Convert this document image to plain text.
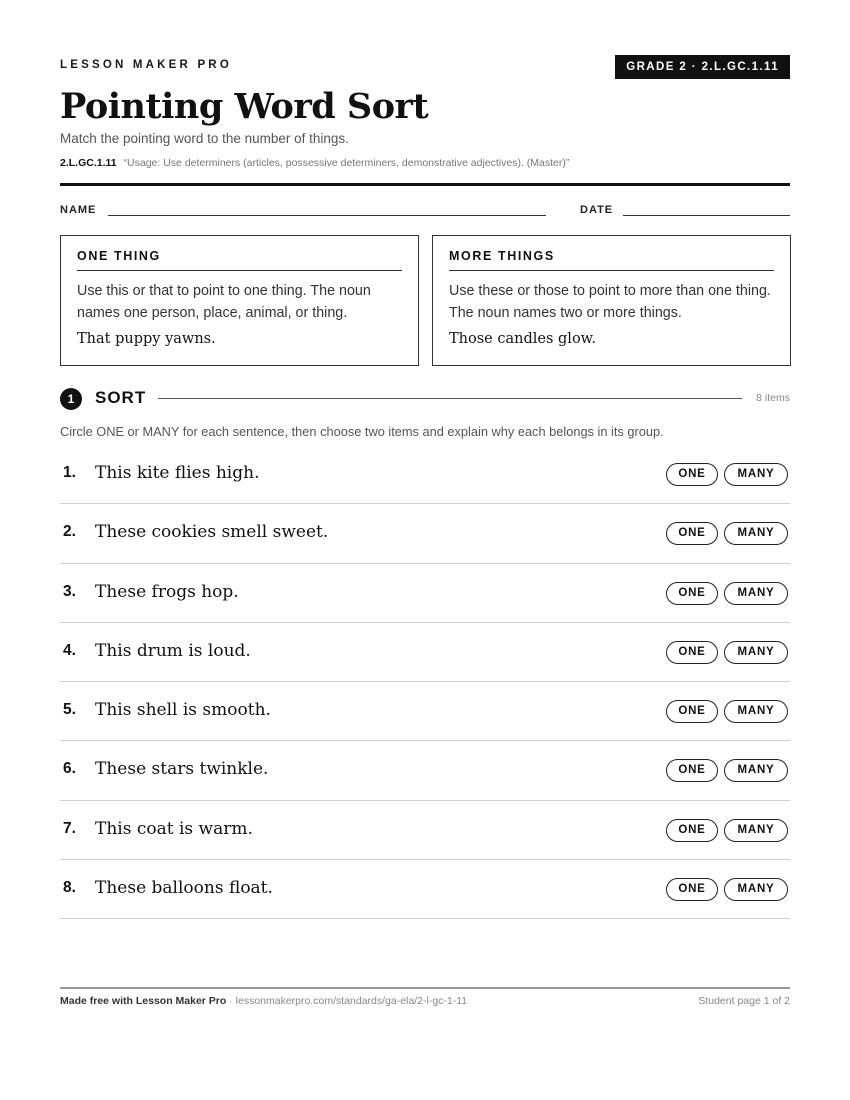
LESSON MAKER PRO	GRADE 2 · 2.L.GC.1.11
Pointing Word Sort
Match the pointing word to the number of things.
2.L.GC.1.11 “Usage: Use determiners (articles, possessive determiners, demonstrative adjectives). (Master)”
NAME	DATE
ONE THING
Use this or that to point to one thing. The noun names one person, place, animal, or thing.
That puppy yawns.
MORE THINGS
Use these or those to point to more than one thing. The noun names two or more things.
Those candles glow.
1	SORT	8 items
Circle ONE or MANY for each sentence, then choose two items and explain why each belongs in its group.
1. This kite flies high.	ONE	MANY
2. These cookies smell sweet.	ONE	MANY
3. These frogs hop.	ONE	MANY
4. This drum is loud.	ONE	MANY
5. This shell is smooth.	ONE	MANY
6. These stars twinkle.	ONE	MANY
7. This coat is warm.	ONE	MANY
8. These balloons float.	ONE	MANY
Made free with Lesson Maker Pro · lessonmakerpro.com/standards/ga-ela/2-l-gc-1-11	Student page 1 of 2
